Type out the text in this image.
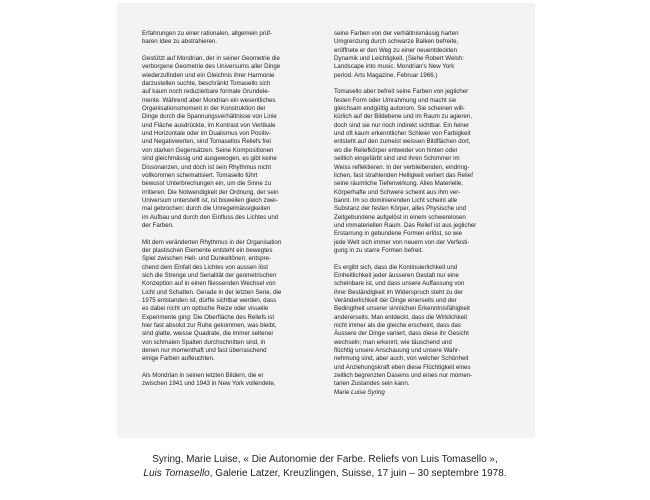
Erfahrungen zu einer rationalen, allgemein prüf-
baren Idee zu abstrahieren.

Gestützt auf Mondrian, der in seiner Geometrie die
verborgene Geometrie des Universums aller Dinge
wiederzufinden und ein Gleichnis ihrer Harmonie
darzustellen suchte, beschränkt Tomasello sich
auf kaum noch reduzierbare formale Grundele-
mente. Während aber Mondrian ein wesentliches
Organisationsmoment in der Konstruktion der
Dinge durch die Spannungsverhältnisse von Linie
und Fläche ausdrückte, im Kontrast von Vertikale
und Horizontale oder im Dualismus von Positiv-
und Negativwerten, sind Tomasellos Reliefs frei
von starken Gegensätzen. Seine Kompositionen
sind gleichmässig und ausgewogen, es gibt keine
Dissonanzen, und doch ist sein Rhythmus nicht
vollkommen schematisiert. Tomasello führt
bewusst Unterbrechungen ein, um die Sinne zu
irritieren. Die Notwendigkeit der Ordnung, der sein
Universum unterstellt ist, ist bisweilen gleich zwei-
mal gebrochen: durch die Unregelmässigkeiten
im Aufbau und durch den Einfluss des Lichtes und
der Farben.

Mit dem veränderten Rhythmus in der Organisation
der plastischen Elemente entsteht ein bewegtes
Spiel zwischen Hell- und Dunkeltönen; entspre-
chend dem Einfall des Lichtes von aussen löst
sich die Strenge und Serialität der geometrischen
Konzeption auf in einen fliessenden Wechsel von
Licht und Schatten. Gerade in der letzten Serie, die
1975 entstanden ist, dürfte sichtbar werden, dass
es dabei nicht um optische Reize oder visuelle
Experimente ging: Die Oberfläche des Reliefs ist
hier fast absolut zur Ruhe gekommen, was bleibt,
sind glatte, weisse Quadrate, die immer seltener
von schmalen Spalten durchschnitten sind, in
denen nur momenthaft und fast überraschend
einige Farben aufleuchten.

Als Mondrian in seinen letzten Bildern, die er
zwischen 1941 und 1943 in New York vollendete,

seine Farben von der verhältnismässig harten
Umgrenzung durch schwarze Balken befreite,
eröffnete er den Weg zu einer neuentdeckten
Dynamik und Leichtigkeit. (Siehe Robert Welsh:
Landscape into music. Mondrian's New York
period. Arts Magazine, Februar 1966.)

Tomasello aber befreit seine Farben von jeglicher
festen Form oder Umrahmung und macht sie
gleichsam endgültig autonom. Sie scheinen will-
kürlich auf der Bildebene und im Raum zu agieren,
doch sind sie nur noch indirekt sichtbar. Ein feiner
und oft kaum erkenntlicher Schleier von Farbigkeit
entsteht auf den zumeist weissen Bildflächen dort,
wo die Reliefkörper entweder von hinten oder
seitlich eingefärbt sind und ihren Schimmer im
Weiss reflektieren. In der verbleibenden, eindring-
lichen, fast strahlenden Helligkeit verliert das Relief
seine räumliche Tiefenwirkung. Alles Materielle,
Körperhafte und Schwere scheint aus ihm ver-
bannt. Im so dominierenden Licht scheint alle
Substanz der festen Körper, alles Physische und
Zeitgebundene aufgelöst in einem schwerelosen
und immateriellen Raum. Das Relief ist aus jeglicher
Erstarrung in gebundene Formen erlöst, so wie
jede Welt sich immer von neuem von der Verfesti-
gung in zu starre Formen befreit.

Es ergibt sich, dass die Kontinuierlichkeit und
Einheitlichkeit jeder äusseren Gestalt nur eine
scheinbare ist, und dass unsere Auffassung von
ihrer Beständigkeit im Widerspruch steht zu der
Veränderlichkeit der Dinge einerseits und der
Bedingtheit unserer sinnlichen Erkenntnisfähigkeit
andererseits. Man entdeckt, dass die Wirklichkeit
nicht immer als die gleiche erscheint, dass das
Äussere der Dinge variiert, dass diese ihr Gesicht
wechseln; man erkennt, wie täuschend und
flüchtig unsere Anschauung und unsere Wahr-
nehmung sind, aber auch, von welcher Schönheit
und Anziehungskraft eben diese Flüchtigkeit eines
zeitlich begrenzten Daseins und eines nur momen-
tanen Zustandes sein kann.
Marie Luise Syring

Syring, Marie Luise, « Die Autonomie der Farbe. Reliefs von Luis Tomasello »,
Luis Tomasello, Galerie Latzer, Kreuzlingen, Suisse, 17 juin – 30 septembre 1978.
